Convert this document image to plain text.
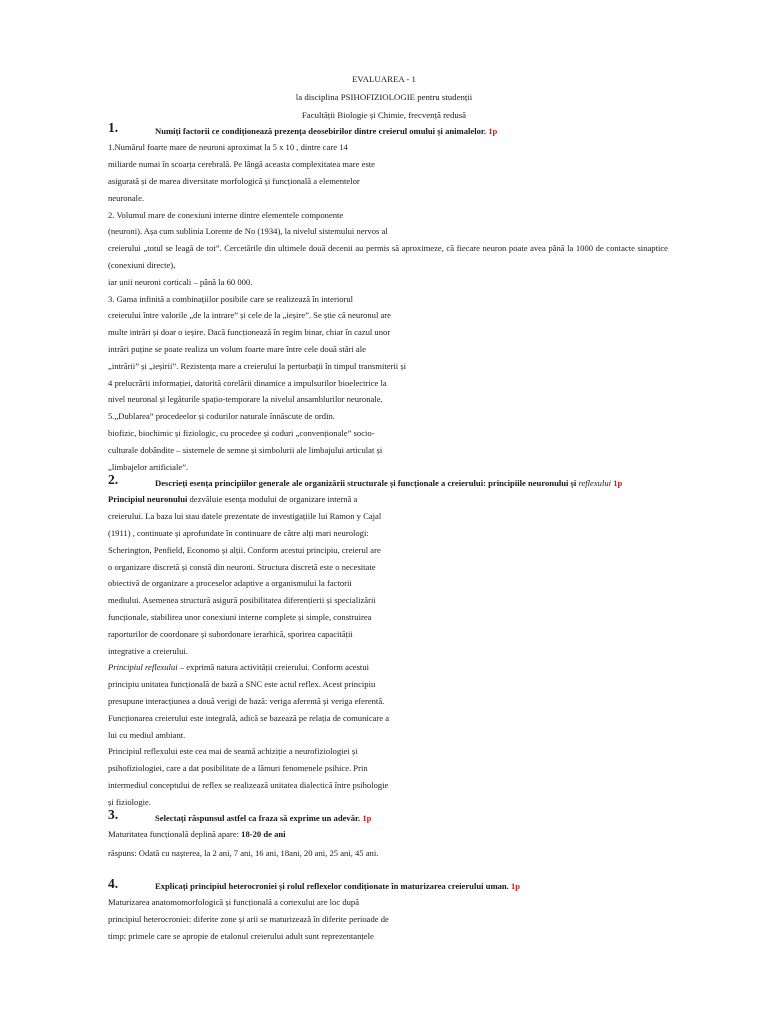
EVALUAREA - 1
la disciplina PSIHOFIZIOLOGIE pentru studenții
Facultății Biologie și Chimie, frecvență redusă
1.	Numiți factorii ce condiționează prezența deosebirilor dintre creierul omului și animalelor. 1p
1.Numărul foarte mare de neuroni aproximat la 5 x 10 , dintre care 14
miliarde numai în scoarța cerebrală. Pe lângă aceasta complexitatea mare este
asigurată și de marea diversitate morfologică și funcțională a elementelor
neuronale.
2. Volumul mare de conexiuni interne dintre elementele componente
(neuroni). Așa cum sublinia Lorente de No (1934), la nivelul sistemului nervos al
creierului „totul se leagă de tot”. Cercetările din ultimele două decenii au permis să aproximeze, că fiecare neuron poate avea până la 1000 de contacte sinaptice
(conexiuni directe),
iar unii neuroni corticali – până la 60 000.
3. Gama infinită a combinațiilor posibile care se realizează în interiorul
creierului între valorile „de la intrare” și cele de la „ieșire”. Se știe că neuronul are
multe intrări și doar o ieșire. Dacă funcționează în regim binar, chiar în cazul unor
intrări puține se poate realiza un volum foarte mare între cele două stări ale
„intrării” și „ieșirii”. Rezistența mare a creierului la perturbații în timpul transmiterii și
4 prelucrării informației, datorită corelării dinamice a impulsurilor bioelectrice la
nivel neuronal și legăturile spațio-temporare la nivelul ansamblurilor neuronale.
5.„Dublarea” procedeelor și codurilor naturale înnăscute de ordin.
biofizic, biochimic și fiziologic, cu procedee și coduri „convenționale” socio-
culturale dobândite – sistemele de semne și simbolurii ale limbajului articulat și
„limbajelor artificiale”.
2.	Descrieți esența principiilor generale ale organizării structurale și funcționale a creierului: principiile neuronului și reflexului 1p
Principiul neuronului dezvăluie esența modului de organizare internă a
creierului. La baza lui stau datele prezentate de investigațiile lui Ramon y Cajal
(1911) , continuate și aprofundate în continuare de către alți mari neurologi:
Scherington, Penfield, Economo și alții. Conform acestui principiu, creierul are
o organizare discretă și constă din neuroni. Structura discretă este o necesitate
obiectivă de organizare a proceselor adaptive a organismului la factorii
mediului. Asemenea structură asigură posibilitatea diferențierii și specializării
funcționale, stabilirea unor conexiuni interne complete și simple, construirea
raporturilor de coordonare și subordonare ierarhică, sporirea capacității
integrative a creierului.
Principiul reflexului – exprimă natura activității creierului. Conform acestui
principiu unitatea funcțională de bază a SNC este actul reflex. Acest principiu
presupune interacțiunea a două verigi de bază: veriga aferentă și veriga eferentă.
Funcționarea creierului este integrală, adică se bazează pe relația de comunicare a
lui cu mediul ambiant.
Principiul reflexului este cea mai de seamă achiziție a neurofiziologiei și
psihofiziologiei, care a dat posibilitate de a lămuri fenomenele psihice. Prin
intermediul conceptului de reflex se realizează unitatea dialectică între psihologie
și fiziologie.
3.	Selectați răspunsul astfel ca fraza să exprime un adevăr. 1p
Maturitatea funcțională deplină apare: 18-20 de ani
răspuns: Odată cu nașterea, la 2 ani, 7 ani, 16 ani, 18ani, 20 ani, 25 ani, 45 ani.
4.	Explicați principiul heterocroniei și rolul reflexelor condiționate în maturizarea creierului uman. 1p
Maturizarea anatomomorfologică și funcțională a cortexului are loc după
principiul heterocroniei: diferite zone și arii se maturizează în diferite perioade de
timp: primele care se apropie de etalonul creierului adult sunt reprezentanțele
